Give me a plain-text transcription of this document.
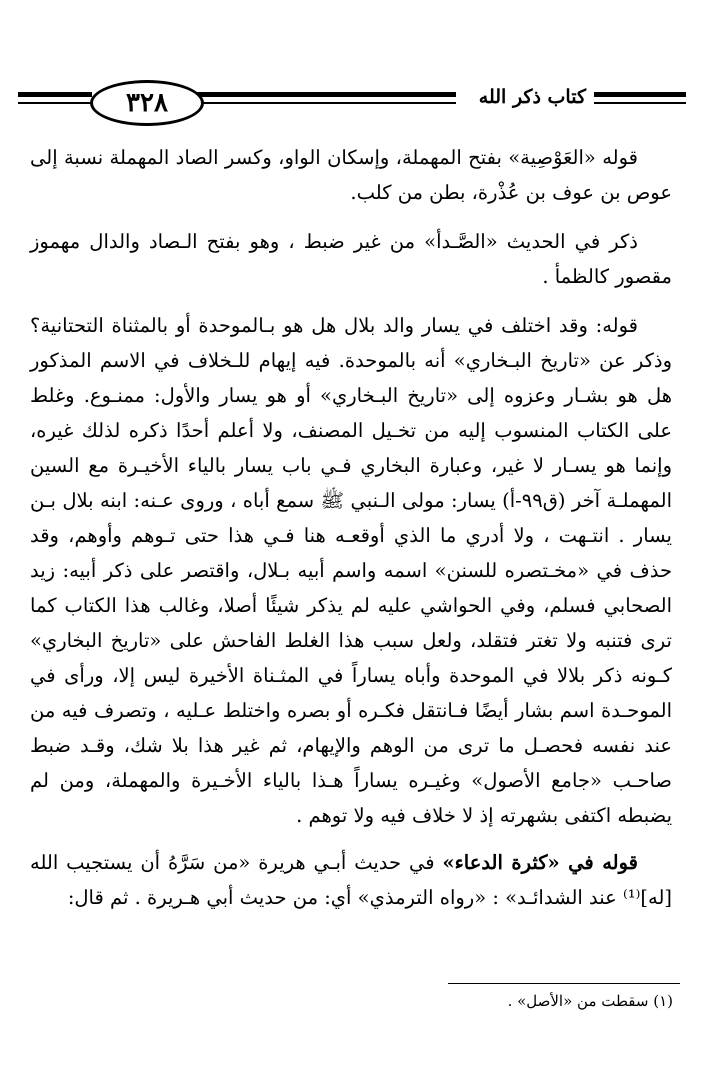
٣٢٨	كتاب ذكر الله

قوله «العَوْصِية» بفتح المهملة، وإسكان الواو، وكسر الصاد المهملة نسبة إلى عوص بن عوف بن عُذْرة، بطن من كلب.

ذكر في الحديث «الصَّـدأ» من غير ضبط ، وهو بفتح الـصاد والدال مهموز مقصور كالظمأ .

قوله: وقد اختلف في يسار والد بلال هل هو بـالموحدة أو بالمثناة التحتانية؟ وذكر عن «تاريخ البـخاري» أنه بالموحدة. فيه إيهام للـخلاف في الاسم المذكور هل هو بشـار وعزوه إلى «تاريخ البـخاري» أو هو يسار والأول: ممنـوع. وغلط على الكتاب المنسوب إليه من تخـيل المصنف، ولا أعلم أحدًا ذكره لذلك غيره، وإنما هو يسـار لا غير، وعبارة البخاري فـي باب يسار بالياء الأخيـرة مع السين المهملـة آخر (ق٩٩-أ) يسار: مولى الـنبي ﷺ سمع أباه ، وروى عـنه: ابنه بلال بـن يسار . انتـهت ، ولا أدري ما الذي أوقعـه هنا فـي هذا حتى تـوهم وأوهم، وقد حذف في «مخـتصره للسنن» اسمه واسم أبيه بـلال، واقتصر على ذكر أبيه: زيد الصحابي فسلم، وفي الحواشي عليه لم يذكر شيئًا أصلا، وغالب هذا الكتاب كما ترى فتنبه ولا تغتر فتقلد، ولعل سبب هذا الغلط الفاحش على «تاريخ البخاري» كـونه ذكر بلالا في الموحدة وأباه يساراً في المثـناة الأخيرة ليس إلا، ورأى في الموحـدة اسم بشار أيضًا فـانتقل فكـره أو بصره واختلط عـليه ، وتصرف فيه من عند نفسه فحصـل ما ترى من الوهم والإيهام، ثم غير هذا بلا شك، وقـد ضبط صاحـب «جامع الأصول» وغيـره يساراً هـذا بالياء الأخـيرة والمهملة، ومن لم يضبطه اكتفى بشهرته إذ لا خلاف فيه ولا توهم .

قوله في «كثرة الدعاء» في حديث أبـي هريرة «من سَرَّهُ أن يستجيب الله [له]⁽¹⁾ عند الشدائـد» : «رواه الترمذي» أي: من حديث أبي هـريرة . ثم قال:

(١) سقطت من «الأصل» .
